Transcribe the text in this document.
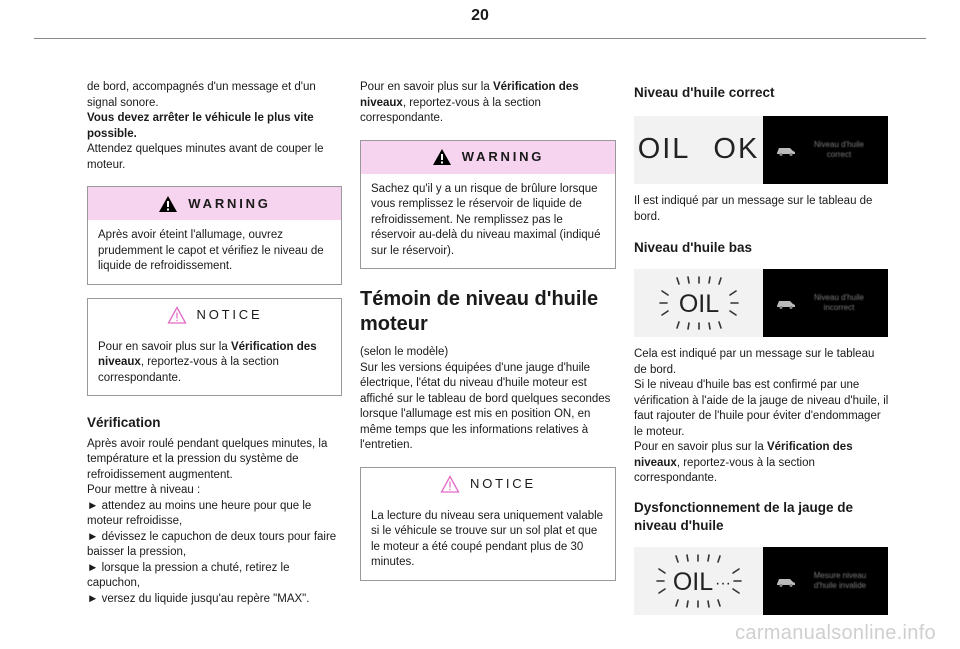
20

de bord, accompagnés d'un message et d'un signal sonore.

Vous devez arrêter le véhicule le plus vite possible.

Attendez quelques minutes avant de couper le moteur.

WARNING
Après avoir éteint l'allumage, ouvrez prudemment le capot et vérifiez le niveau de liquide de refroidissement.
NOTICE
Pour en savoir plus sur la Vérification des niveaux, reportez-vous à la section correspondante.
Vérification

Après avoir roulé pendant quelques minutes, la température et la pression du système de refroidissement augmentent.

Pour mettre à niveau :

► attendez au moins une heure pour que le moteur refroidisse,

► dévissez le capuchon de deux tours pour faire baisser la pression,

► lorsque la pression a chuté, retirez le capuchon,

► versez du liquide jusqu'au repère "MAX".

Pour en savoir plus sur la Vérification des niveaux, reportez-vous à la section correspondante.

WARNING
Sachez qu'il y a un risque de brûlure lorsque vous remplissez le réservoir de liquide de refroidissement. Ne remplissez pas le réservoir au-delà du niveau maximal (indiqué sur le réservoir).
Témoin de niveau d'huile moteur

(selon le modèle)
Sur les versions équipées d'une jauge d'huile électrique, l'état du niveau d'huile moteur est affiché sur le tableau de bord quelques secondes lorsque l'allumage est mis en position ON, en même temps que les informations relatives à l'entretien.

NOTICE
La lecture du niveau sera uniquement valable si le véhicule se trouve sur un sol plat et que le moteur a été coupé pendant plus de 30 minutes.
Niveau d'huile correct
OIL OK	Niveau d'huile correct

Il est indiqué par un message sur le tableau de bord.

Niveau d'huile bas
OIL	Niveau d'huile incorrect

Cela est indiqué par un message sur le tableau de bord.
Si le niveau d'huile bas est confirmé par une vérification à l'aide de la jauge de niveau d'huile, il faut rajouter de l'huile pour éviter d'endommager le moteur.

Pour en savoir plus sur la Vérification des niveaux, reportez-vous à la section correspondante.

Dysfonctionnement de la jauge de niveau d'huile
OIL ···	Mesure niveau d'huile invalide
carmanualsonline.info
